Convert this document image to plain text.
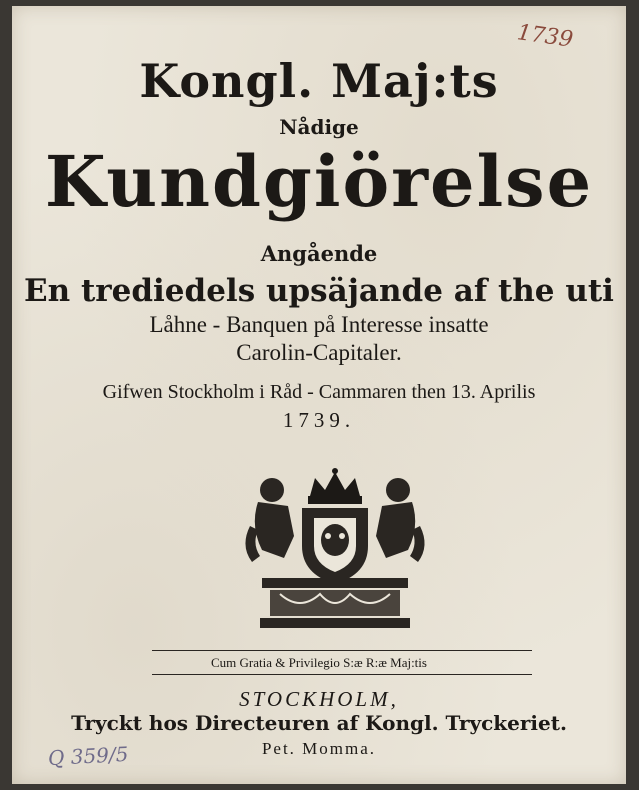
1739
Kongl. Maj:ts
Nådige
Kundgiörelse
Angående
En trediedels upsäjande af the uti
Låhne - Banquen på Interesse insatte
Carolin-Capitaler.
Gifwen Stockholm i Råd - Cammaren then 13. Aprilis
1739.
Cum Gratia & Privilegio S:æ R:æ Maj:tis
STOCKHOLM,
Tryckt hos Directeuren af Kongl. Tryckeriet.
Pet. Momma.
Q 359/5
